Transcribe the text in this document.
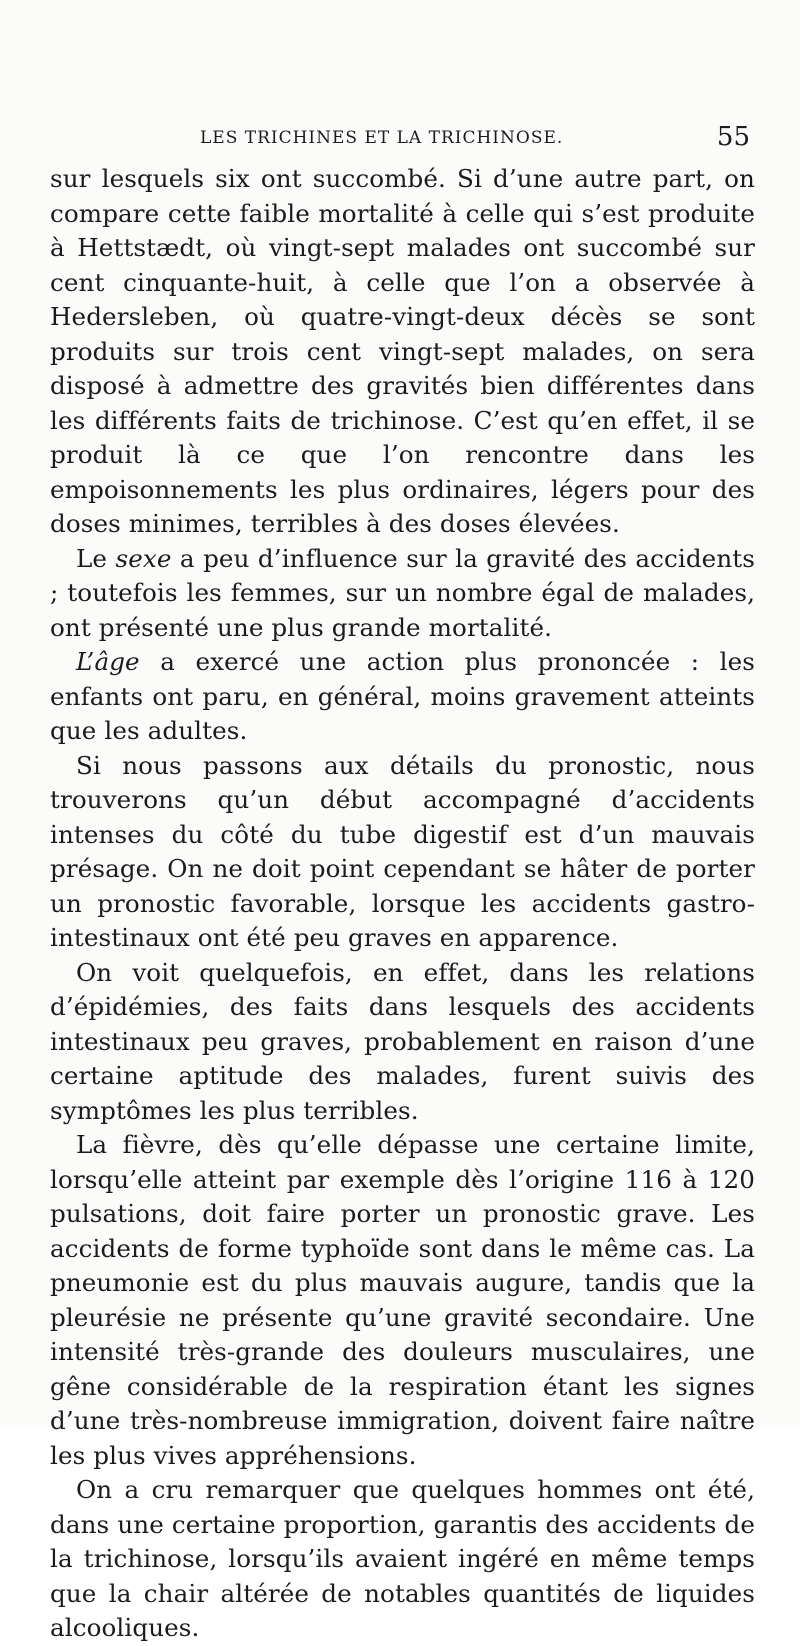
LES TRICHINES ET LA TRICHINOSE.	55

sur lesquels six ont succombé. Si d’une autre part, on compare cette faible mortalité à celle qui s’est produite à Hettstædt, où vingt-sept malades ont succombé sur cent cinquante-huit, à celle que l’on a observée à Hedersleben, où quatre-vingt-deux décès se sont produits sur trois cent vingt-sept malades, on sera disposé à admettre des gravités bien différentes dans les différents faits de trichinose. C’est qu’en effet, il se produit là ce que l’on rencontre dans les empoisonnements les plus ordinaires, légers pour des doses minimes, terribles à des doses élevées.

Le sexe a peu d’influence sur la gravité des accidents ; toutefois les femmes, sur un nombre égal de malades, ont présenté une plus grande mortalité.

L’âge a exercé une action plus prononcée : les enfants ont paru, en général, moins gravement atteints que les adultes.

Si nous passons aux détails du pronostic, nous trouverons qu’un début accompagné d’accidents intenses du côté du tube digestif est d’un mauvais présage. On ne doit point cependant se hâter de porter un pronostic favorable, lorsque les accidents gastro-intestinaux ont été peu graves en apparence.

On voit quelquefois, en effet, dans les relations d’épidémies, des faits dans lesquels des accidents intestinaux peu graves, probablement en raison d’une certaine aptitude des malades, furent suivis des symptômes les plus terribles.

La fièvre, dès qu’elle dépasse une certaine limite, lorsqu’elle atteint par exemple dès l’origine 116 à 120 pulsations, doit faire porter un pronostic grave. Les accidents de forme typhoïde sont dans le même cas. La pneumonie est du plus mauvais augure, tandis que la pleurésie ne présente qu’une gravité secondaire. Une intensité très-grande des douleurs musculaires, une gêne considérable de la respiration étant les signes d’une très-nombreuse immigration, doivent faire naître les plus vives appréhensions.

On a cru remarquer que quelques hommes ont été, dans une certaine proportion, garantis des accidents de la trichinose, lorsqu’ils avaient ingéré en même temps que la chair altérée de notables quantités de liquides alcooliques.
